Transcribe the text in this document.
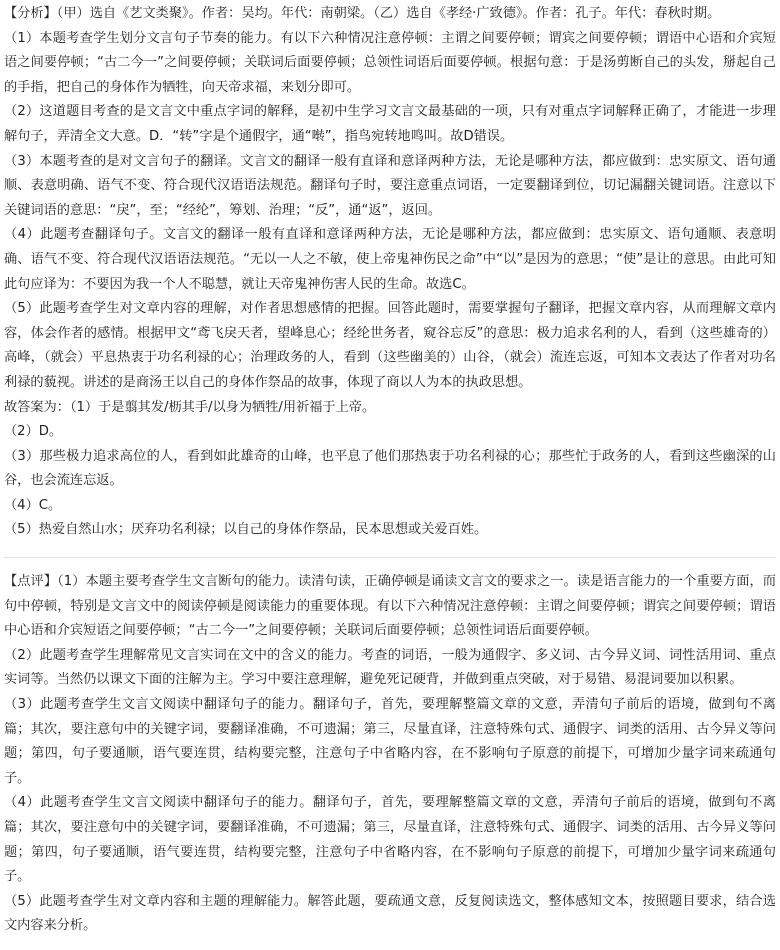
【分析】（甲）选自《艺文类聚》。作者：吴均。年代：南朝梁。（乙）选自《孝经·广致德》。作者：孔子。年代：春秋时期。

（1）本题考查学生划分文言句子节奏的能力。有以下六种情况注意停顿：主谓之间要停顿；谓宾之间要停顿；谓语中心语和介宾短语之间要停顿；“古二今一”之间要停顿；关联词后面要停顿；总领性词语后面要停顿。根据句意：于是汤剪断自己的头发，掰起自己的手指，把自己的身体作为牺牲，向天帝求福，来划分即可。

（2）这道题目考查的是文言文中重点字词的解释，是初中生学习文言文最基础的一项，只有对重点字词解释正确了，才能进一步理解句子，弄清全文大意。D．“转”字是个通假字，通“啭”，指鸟宛转地鸣叫。故D错误。

（3）本题考查的是对文言句子的翻译。文言文的翻译一般有直译和意译两种方法，无论是哪种方法，都应做到：忠实原文、语句通顺、表意明确、语气不变、符合现代汉语语法规范。翻译句子时，要注意重点词语，一定要翻译到位，切记漏翻关键词语。注意以下关键词语的意思：“戾”，至；“经纶”，筹划、治理；“反”，通“返”，返回。

（4）此题考查翻译句子。文言文的翻译一般有直译和意译两种方法，无论是哪种方法，都应做到：忠实原文、语句通顺、表意明确、语气不变、符合现代汉语语法规范。“无以一人之不敏，使上帝鬼神伤民之命”中“以”是因为的意思；“使”是让的意思。由此可知此句应译为：不要因为我一个人不聪慧，就让天帝鬼神伤害人民的生命。故选C。

（5）此题考查学生对文章内容的理解，对作者思想感情的把握。回答此题时，需要掌握句子翻译，把握文章内容，从而理解文章内容，体会作者的感情。根据甲文“鸢飞戾天者，望峰息心；经纶世务者，窥谷忘反”的意思：极力追求名利的人，看到（这些雄奇的）高峰，（就会）平息热衷于功名利禄的心；治理政务的人，看到（这些幽美的）山谷，（就会）流连忘返，可知本文表达了作者对功名利禄的藐视。讲述的是商汤王以自己的身体作祭品的故事，体现了商以人为本的执政思想。

故答案为：（1）于是翦其发/枥其手/以身为牺牲/用祈福于上帝。

（2）D。

（3）那些极力追求高位的人，看到如此雄奇的山峰，也平息了他们那热衷于功名利禄的心；那些忙于政务的人，看到这些幽深的山谷，也会流连忘返。

（4）C。

（5）热爱自然山水；厌弃功名利禄；以自己的身体作祭品，民本思想或关爱百姓。

【点评】（1）本题主要考查学生文言断句的能力。读清句读，正确停顿是诵读文言文的要求之一。读是语言能力的一个重要方面，而句中停顿，特别是文言文中的阅读停顿是阅读能力的重要体现。有以下六种情况注意停顿：主谓之间要停顿；谓宾之间要停顿；谓语中心语和介宾短语之间要停顿；“古二今一”之间要停顿；关联词后面要停顿；总领性词语后面要停顿。

（2）此题考查学生理解常见文言实词在文中的含义的能力。考查的词语，一般为通假字、多义词、古今异义词、词性活用词、重点实词等。当然仍以课文下面的注解为主。学习中要注意理解，避免死记硬背，并做到重点突破，对于易错、易混词要加以积累。

（3）此题考查学生文言文阅读中翻译句子的能力。翻译句子，首先，要理解整篇文章的文意，弄清句子前后的语境，做到句不离篇；其次，要注意句中的关键字词，要翻译准确，不可遗漏；第三，尽量直译，注意特殊句式、通假字、词类的活用、古今异义等问题；第四，句子要通顺，语气要连贯，结构要完整，注意句子中省略内容，在不影响句子原意的前提下，可增加少量字词来疏通句子。

（4）此题考查学生文言文阅读中翻译句子的能力。翻译句子，首先，要理解整篇文章的文意，弄清句子前后的语境，做到句不离篇；其次，要注意句中的关键字词，要翻译准确，不可遗漏；第三，尽量直译，注意特殊句式、通假字、词类的活用、古今异义等问题；第四，句子要通顺，语气要连贯，结构要完整，注意句子中省略内容，在不影响句子原意的前提下，可增加少量字词来疏通句子。

（5）此题考查学生对文章内容和主题的理解能力。解答此题，要疏通文意，反复阅读选文，整体感知文本，按照题目要求，结合选文内容来分析。
